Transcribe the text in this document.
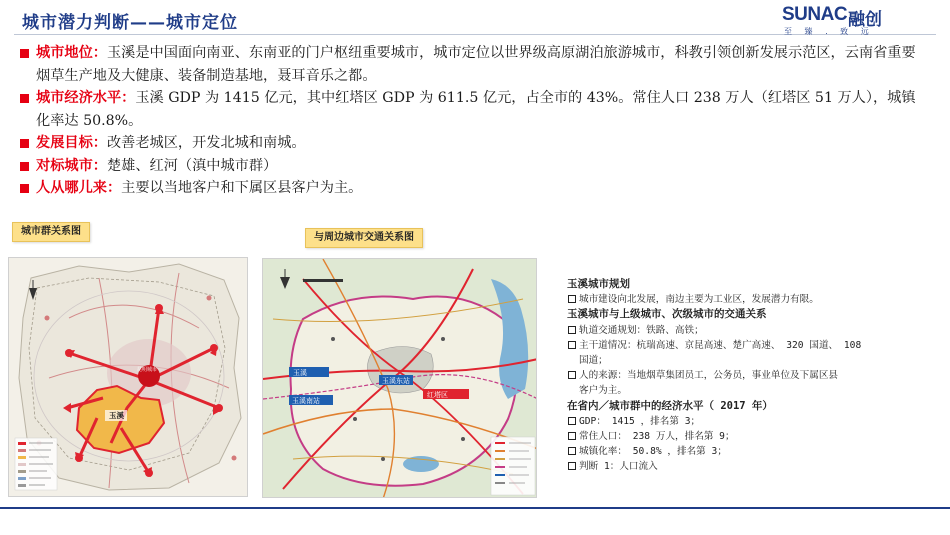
城市潜力判断——城市定位	SUNAC 融创
至 臻 . 致 远
城市地位：玉溪是中国面向南亚、东南亚的门户枢纽重要城市，城市定位以世界级高原湖泊旅游城市，科教引领创新发展示范区，云南省重要烟草生产地及大健康、装备制造基地，聂耳音乐之都。
城市经济水平：玉溪 GDP 为 1415 亿元，其中红塔区 GDP 为 611.5 亿元，占全市的 43%。常住人口 238 万人（红塔区 51 万人），城镇化率达 50.8%。
发展目标：改善老城区，开发北城和南城。
对标城市：楚雄、红河（滇中城市群）
人从哪儿来：主要以当地客户和下属区县客户为主。
城市群关系图
与周边城市交通关系图
玉溪
昆明城市	玉溪
玉溪南站
玉溪东站
红塔区
玉溪城市规划
城市建设向北发展，南边主要为工业区，发展潜力有限。
玉溪城市与上级城市、次级城市的交通关系
轨道交通规划：铁路、高铁；
主干道情况：杭瑞高速、京昆高速、楚广高速、 320 国道、 108
国道；
人的来源：当地烟草集团员工，公务员，事业单位及下属区县
客户为主。
在省内／城市群中的经济水平（ 2017 年）
GDP： 1415 ，排名第 3；
常住人口： 238 万人，排名第 9；
城镇化率： 50.8% ，排名第 3；
判断 1：人口流入
